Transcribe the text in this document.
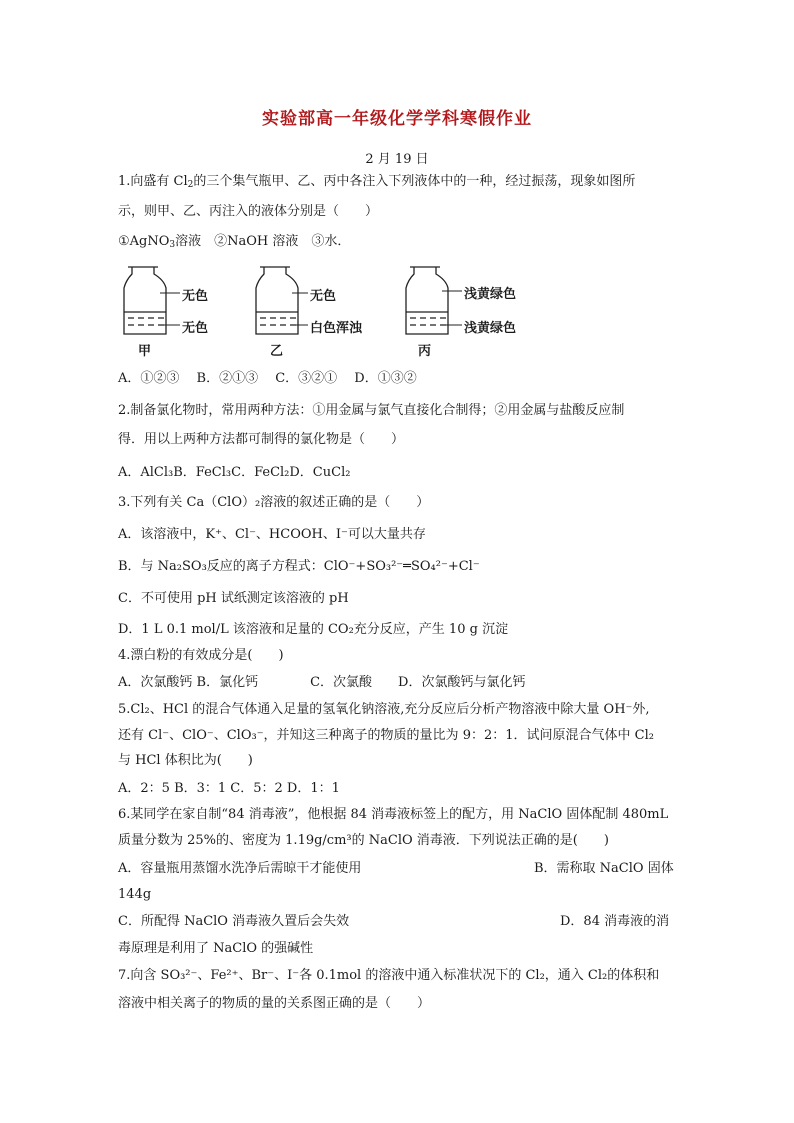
实验部高一年级化学学科寒假作业
2 月 19 日
1.向盛有 $Cl_2$的三个集气瓶甲、乙、丙中各注入下列液体中的一种，经过振荡，现象如图所
示，则甲、乙、丙注入的液体分别是（　　）
①AgNO$_3$溶液　②NaOH 溶液　③水．
无色
无色
甲
无色
白色浑浊
乙
浅黄绿色
浅黄绿色
丙
A．①②③　 B．②①③　 C．③②①　 D．①③②
2.制备氯化物时，常用两种方法：①用金属与氯气直接化合制得；②用金属与盐酸反应制
得．用以上两种方法都可制得的氯化物是（　　）
A．AlCl₃B．FeCl₃C．FeCl₂D．CuCl₂
3.下列有关 Ca（ClO）₂溶液的叙述正确的是（　　）
A．该溶液中，K⁺、Cl⁻、HCOOH、I⁻可以大量共存
B．与 Na₂SO₃反应的离子方程式：ClO⁻+SO₃²⁻═SO₄²⁻+Cl⁻
C．不可使用 pH 试纸测定该溶液的 pH
D．1 L 0.1 mol/L 该溶液和足量的 CO₂充分反应，产生 10 g 沉淀
4.漂白粉的有效成分是(　　)
A．次氯酸钙 B．氯化钙　　　　C．次氯酸　　D．次氯酸钙与氯化钙
5.Cl₂、HCl 的混合气体通入足量的氢氧化钠溶液,充分反应后分析产物溶液中除大量 OH⁻外,
还有 Cl⁻、ClO⁻、ClO₃⁻，并知这三种离子的物质的量比为 9：2：1．试问原混合气体中 Cl₂
与 HCl 体积比为(　　)
A．2：5 B．3：1 C．5：2 D．1：1
6.某同学在家自制“84 消毒液”，他根据 84 消毒液标签上的配方，用 NaClO 固体配制 480mL
质量分数为 25%的、密度为 1.19g/cm³的 NaClO 消毒液．下列说法正确的是(　　)
A．容量瓶用蒸馏水洗净后需晾干才能使用	B．需称取 NaClO 固体
144g
C．所配得 NaClO 消毒液久置后会失效	D．84 消毒液的消
毒原理是利用了 NaClO 的强碱性
7.向含 SO₃²⁻、Fe²⁺、Br⁻、I⁻各 0.1mol 的溶液中通入标准状况下的 Cl₂，通入 Cl₂的体积和
溶液中相关离子的物质的量的关系图正确的是（　　）
